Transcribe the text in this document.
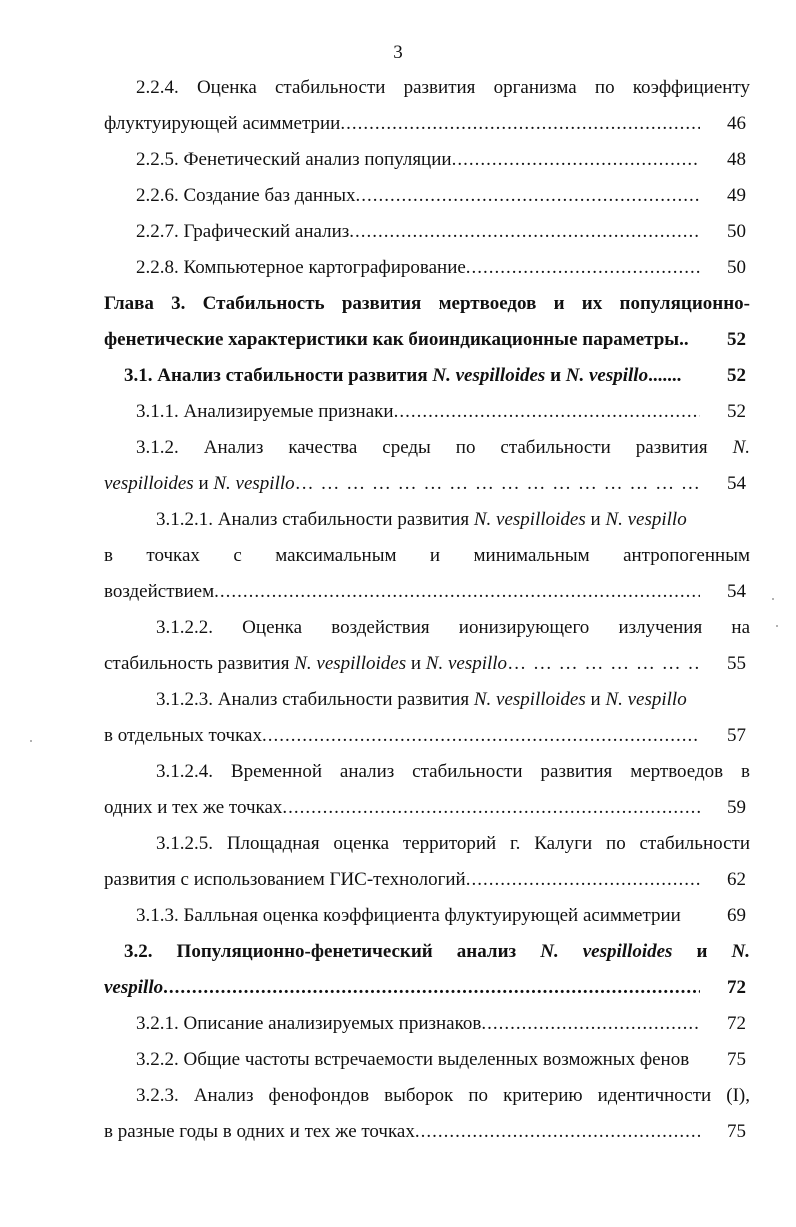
3
2.2.4. Оценка стабильности развития организма по коэффициенту
флуктуирующей асимметрии .....	46
2.2.5. Фенетический анализ популяции .....	48
2.2.6. Создание баз данных .....	49
2.2.7. Графический анализ .....	50
2.2.8. Компьютерное картографирование .....	50
Глава 3. Стабильность развития мертвоедов и их популяционно-
фенетические характеристики как биоиндикационные параметры..	52
3.1. Анализ стабильности развития N. vespilloides и N. vespillo.......	52
3.1.1. Анализируемые признаки .....	52
3.1.2. Анализ качества среды по стабильности развития N.
vespilloides и N. vespillo … … … … … … … … … … … … … … … … … … … … … … … … … … … … … … … … … … … … … … … … …	54
3.1.2.1. Анализ стабильности развития N. vespilloides и N. vespillo
в точках с максимальным и минимальным антропогенным
воздействием .....	54
3.1.2.2. Оценка воздействия ионизирующего излучения на
стабильность развития N. vespilloides и N. vespillo … … … … … … … … … … … … … … … … … … … … … … … … … … … … … … … … … … … … … … … … …	55
3.1.2.3. Анализ стабильности развития N. vespilloides и N. vespillo
в отдельных точках .....	57
3.1.2.4. Временной анализ стабильности развития мертвоедов в
одних и тех же точках .....	59
3.1.2.5. Площадная оценка территорий г. Калуги по стабильности
развития с использованием ГИС-технологий .....	62
3.1.3. Балльная оценка коэффициента флуктуирующей асимметрии	69
3.2. Популяционно-фенетический анализ N. vespilloides и N.
vespillo .....	72
3.2.1. Описание анализируемых признаков .....	72
3.2.2. Общие частоты встречаемости выделенных возможных фенов	75
3.2.3. Анализ фенофондов выборок по критерию идентичности (I),
в разные годы в одних и тех же точках .....	75
